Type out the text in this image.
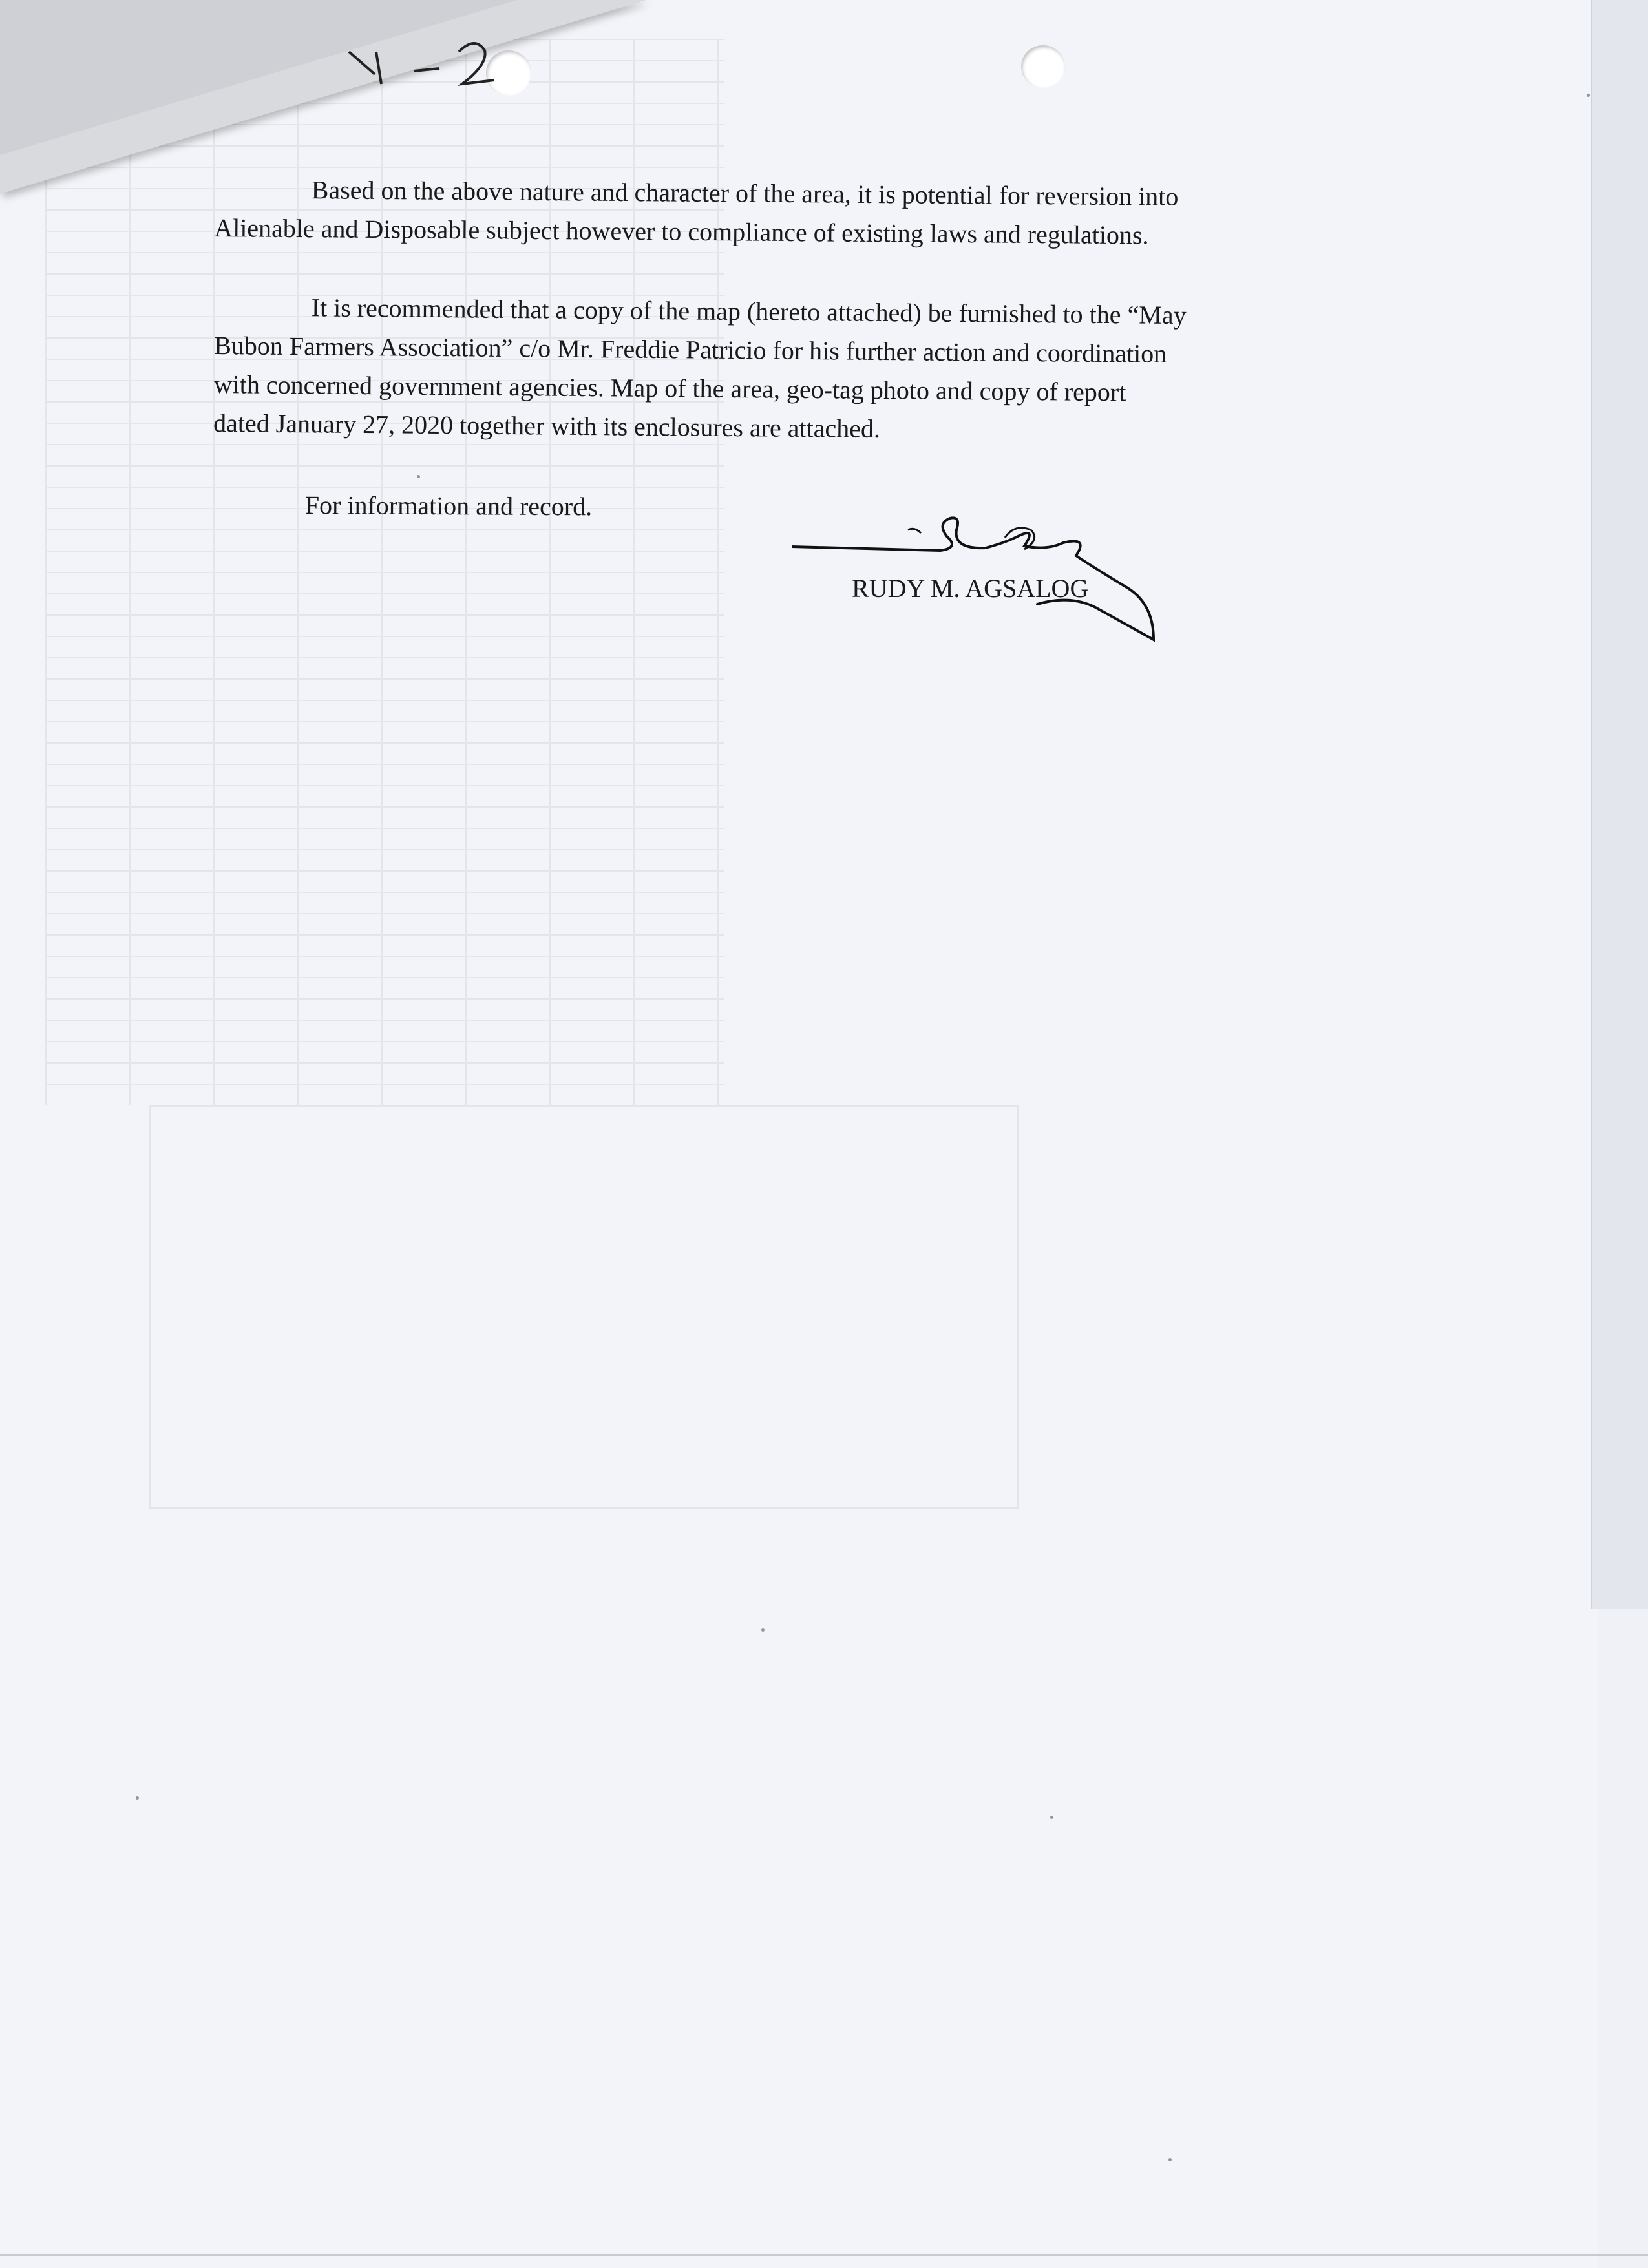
Based on the above nature and character of the area, it is potential for reversion into
Alienable and Disposable subject however to compliance of existing laws and regulations.

It is recommended that a copy of the map (hereto attached) be furnished to the “May
Bubon Farmers Association” c/o Mr. Freddie Patricio for his further action and coordination
with concerned government agencies. Map of the area, geo-tag photo and copy of report
dated January 27, 2020 together with its enclosures are attached.

For information and record.

RUDY M. AGSALOG
